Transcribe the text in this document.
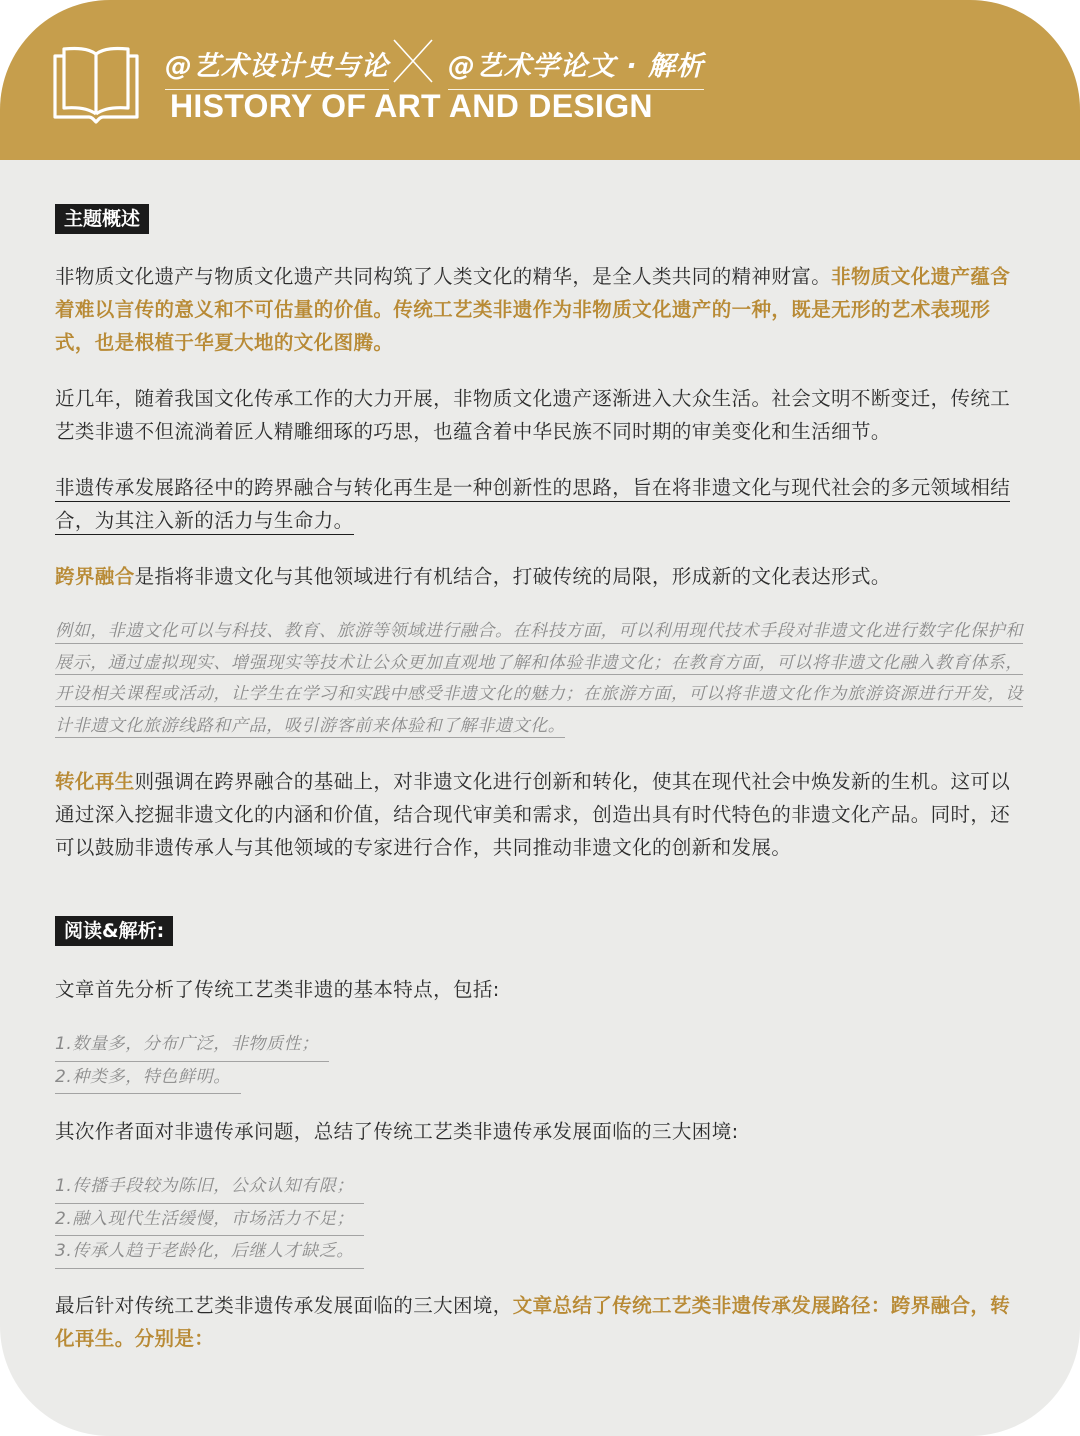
@艺术设计史与论 @艺术学论文 · 解析
HISTORY OF ART AND DESIGN
主题概述
非物质文化遗产与物质文化遗产共同构筑了人类文化的精华，是全人类共同的精神财富。非物质文化遗产蕴含着难以言传的意义和不可估量的价值。传统工艺类非遗作为非物质文化遗产的一种，既是无形的艺术表现形式，也是根植于华夏大地的文化图腾。
近几年，随着我国文化传承工作的大力开展，非物质文化遗产逐渐进入大众生活。社会文明不断变迁，传统工艺类非遗不但流淌着匠人精雕细琢的巧思，也蕴含着中华民族不同时期的审美变化和生活细节。
非遗传承发展路径中的跨界融合与转化再生是一种创新性的思路，旨在将非遗文化与现代社会的多元领域相结合，为其注入新的活力与生命力。
跨界融合是指将非遗文化与其他领域进行有机结合，打破传统的局限，形成新的文化表达形式。
例如，非遗文化可以与科技、教育、旅游等领域进行融合。在科技方面，可以利用现代技术手段对非遗文化进行数字化保护和展示，通过虚拟现实、增强现实等技术让公众更加直观地了解和体验非遗文化；在教育方面，可以将非遗文化融入教育体系，开设相关课程或活动，让学生在学习和实践中感受非遗文化的魅力；在旅游方面，可以将非遗文化作为旅游资源进行开发，设计非遗文化旅游线路和产品，吸引游客前来体验和了解非遗文化。
转化再生则强调在跨界融合的基础上，对非遗文化进行创新和转化，使其在现代社会中焕发新的生机。这可以通过深入挖掘非遗文化的内涵和价值，结合现代审美和需求，创造出具有时代特色的非遗文化产品。同时，还可以鼓励非遗传承人与其他领域的专家进行合作，共同推动非遗文化的创新和发展。
阅读&解析:
文章首先分析了传统工艺类非遗的基本特点，包括:
1.数量多，分布广泛，非物质性；
2.种类多，特色鲜明。
其次作者面对非遗传承问题，总结了传统工艺类非遗传承发展面临的三大困境:
1.传播手段较为陈旧，公众认知有限；
2.融入现代生活缓慢，市场活力不足；
3.传承人趋于老龄化，后继人才缺乏。
最后针对传统工艺类非遗传承发展面临的三大困境，文章总结了传统工艺类非遗传承发展路径：跨界融合，转化再生。分别是：
